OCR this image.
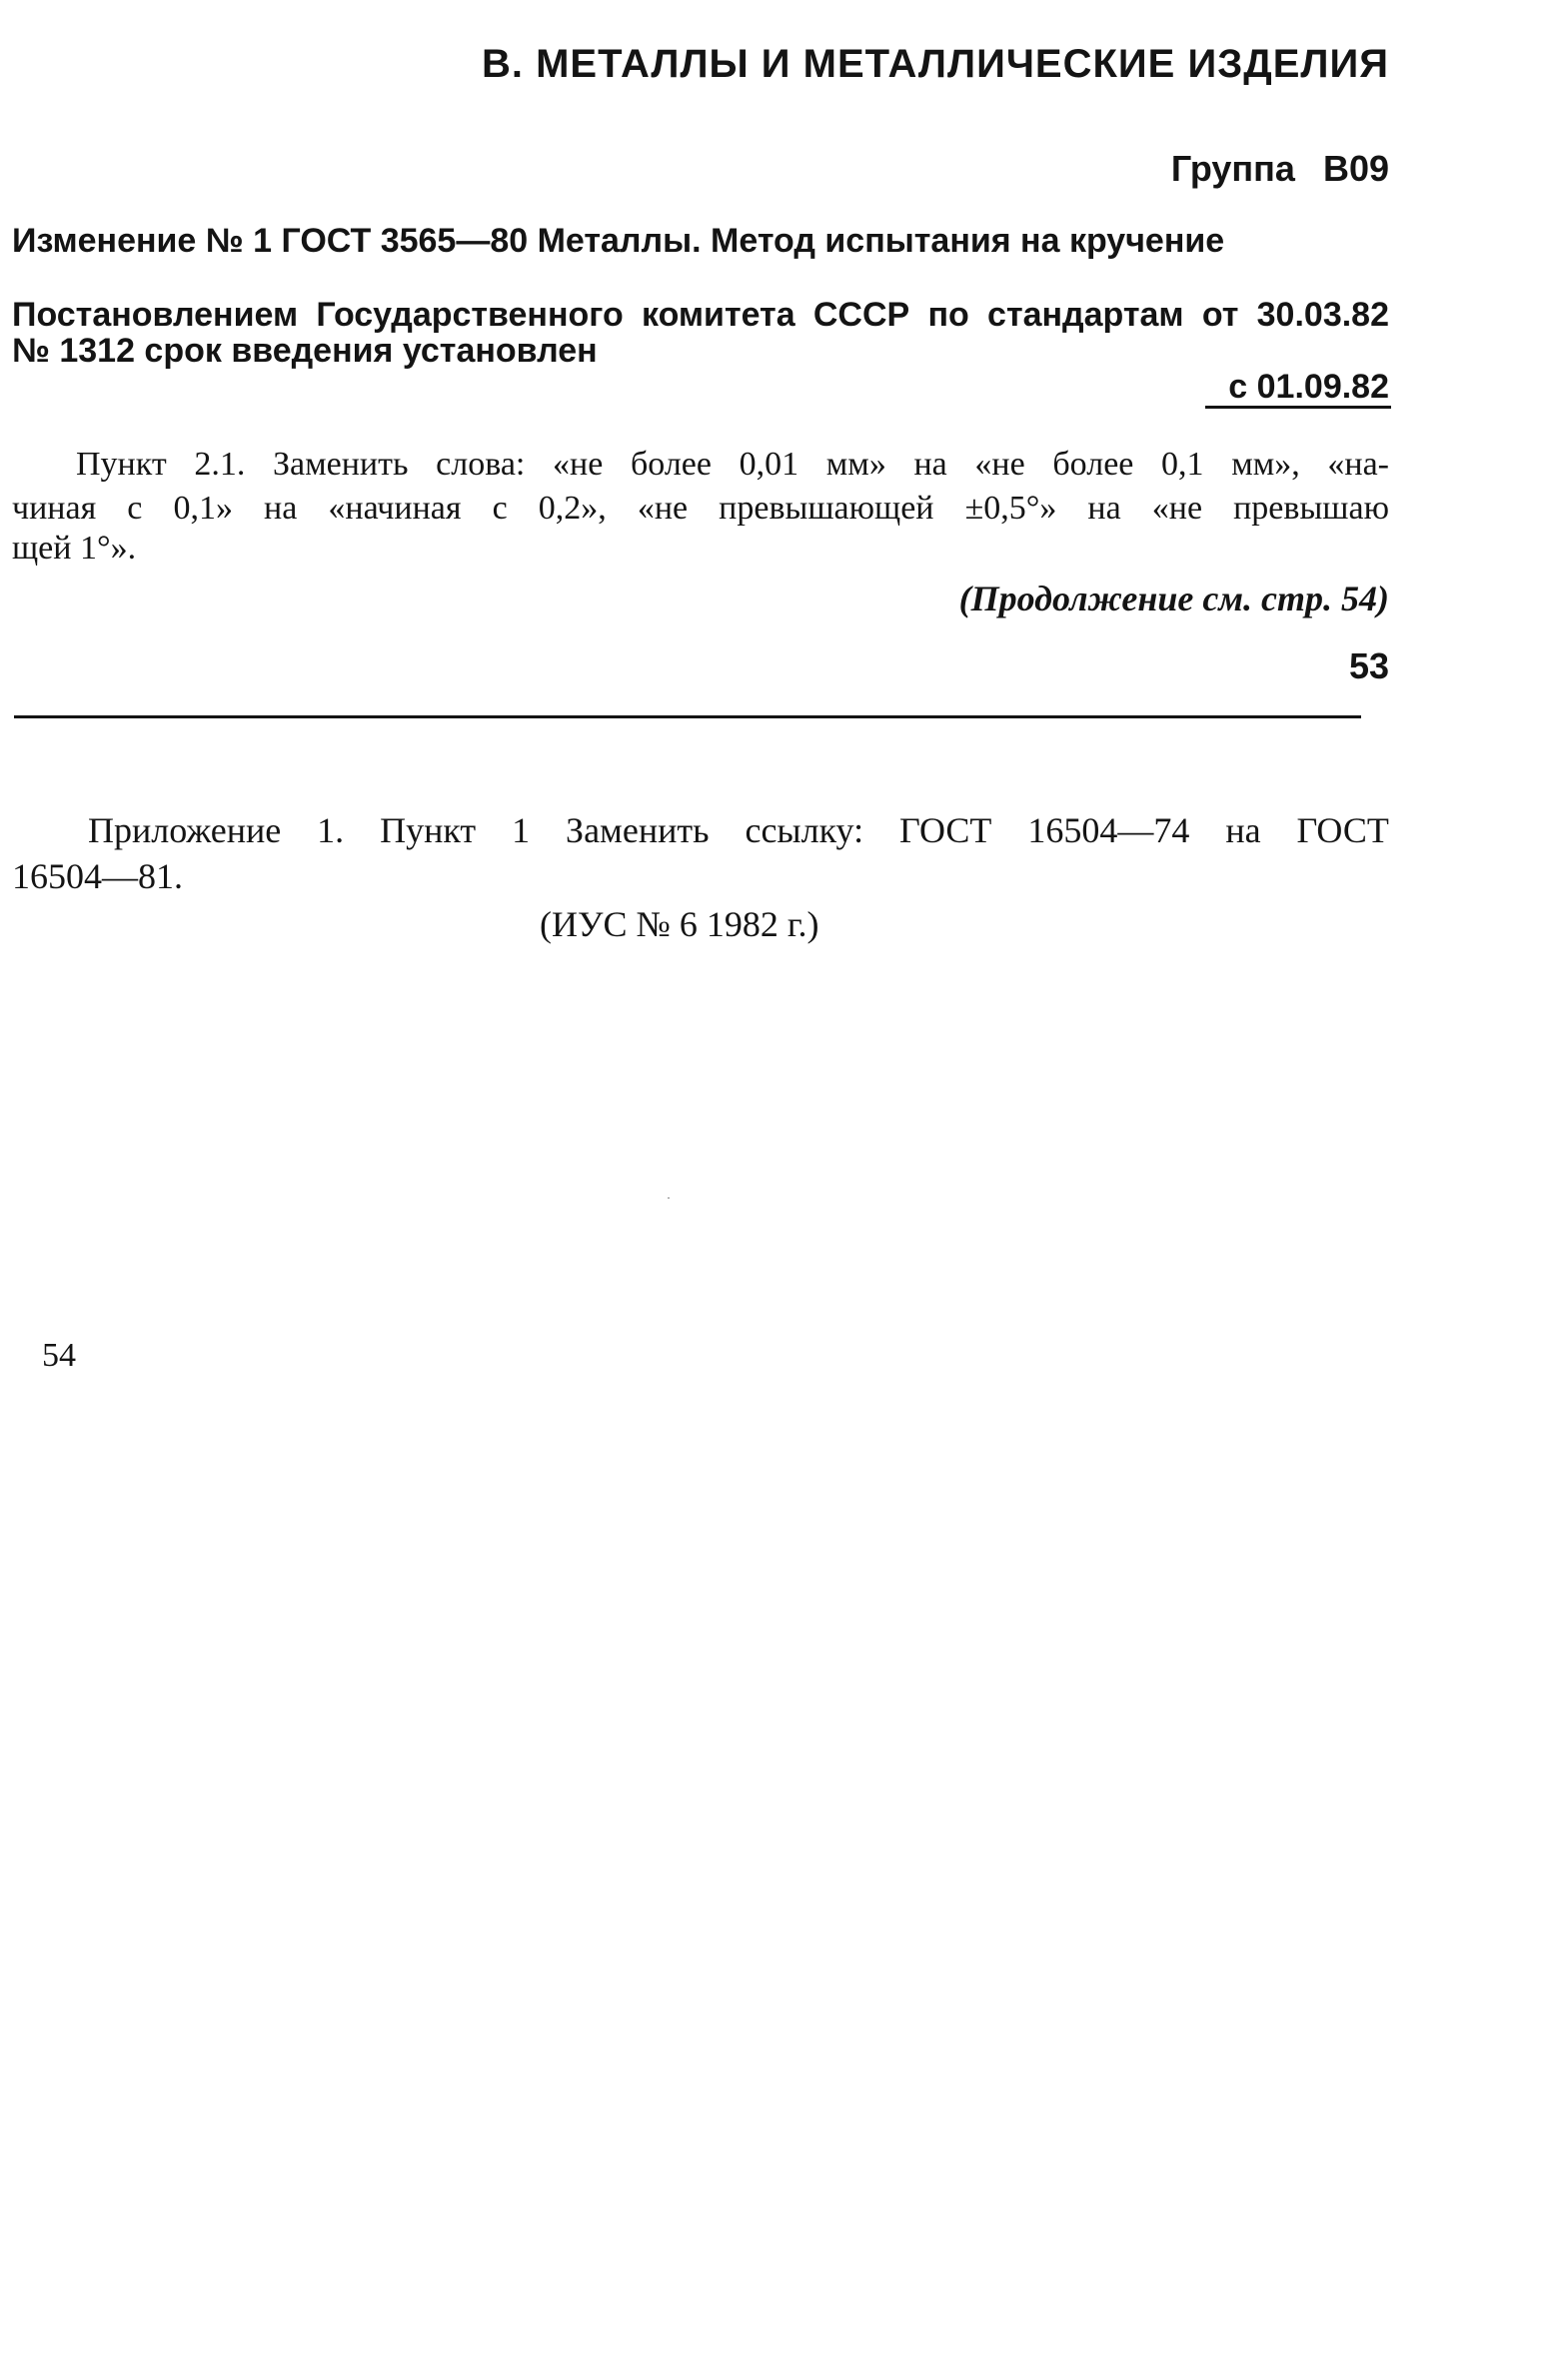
В. МЕТАЛЛЫ И МЕТАЛЛИЧЕСКИЕ ИЗДЕЛИЯ
Группа В09
Изменение № 1 ГОСТ 3565—80 Металлы. Метод испытания на кручение
Постановлением Государственного комитета СССР по стандартам от 30.03.82
№ 1312 срок введения установлен
с 01.09.82
Пункт 2.1. Заменить слова: «не более 0,01 мм» на «не более 0,1 мм», «на-
чиная с 0,1» на «начиная с 0,2», «не превышающей ±0,5°» на «не превышаю
щей 1°».
(Продолжение см. стр. 54)
53
Приложение 1. Пункт 1 Заменить ссылку: ГОСТ 16504—74 на ГОСТ
16504—81.
(ИУС № 6 1982 г.)
54
